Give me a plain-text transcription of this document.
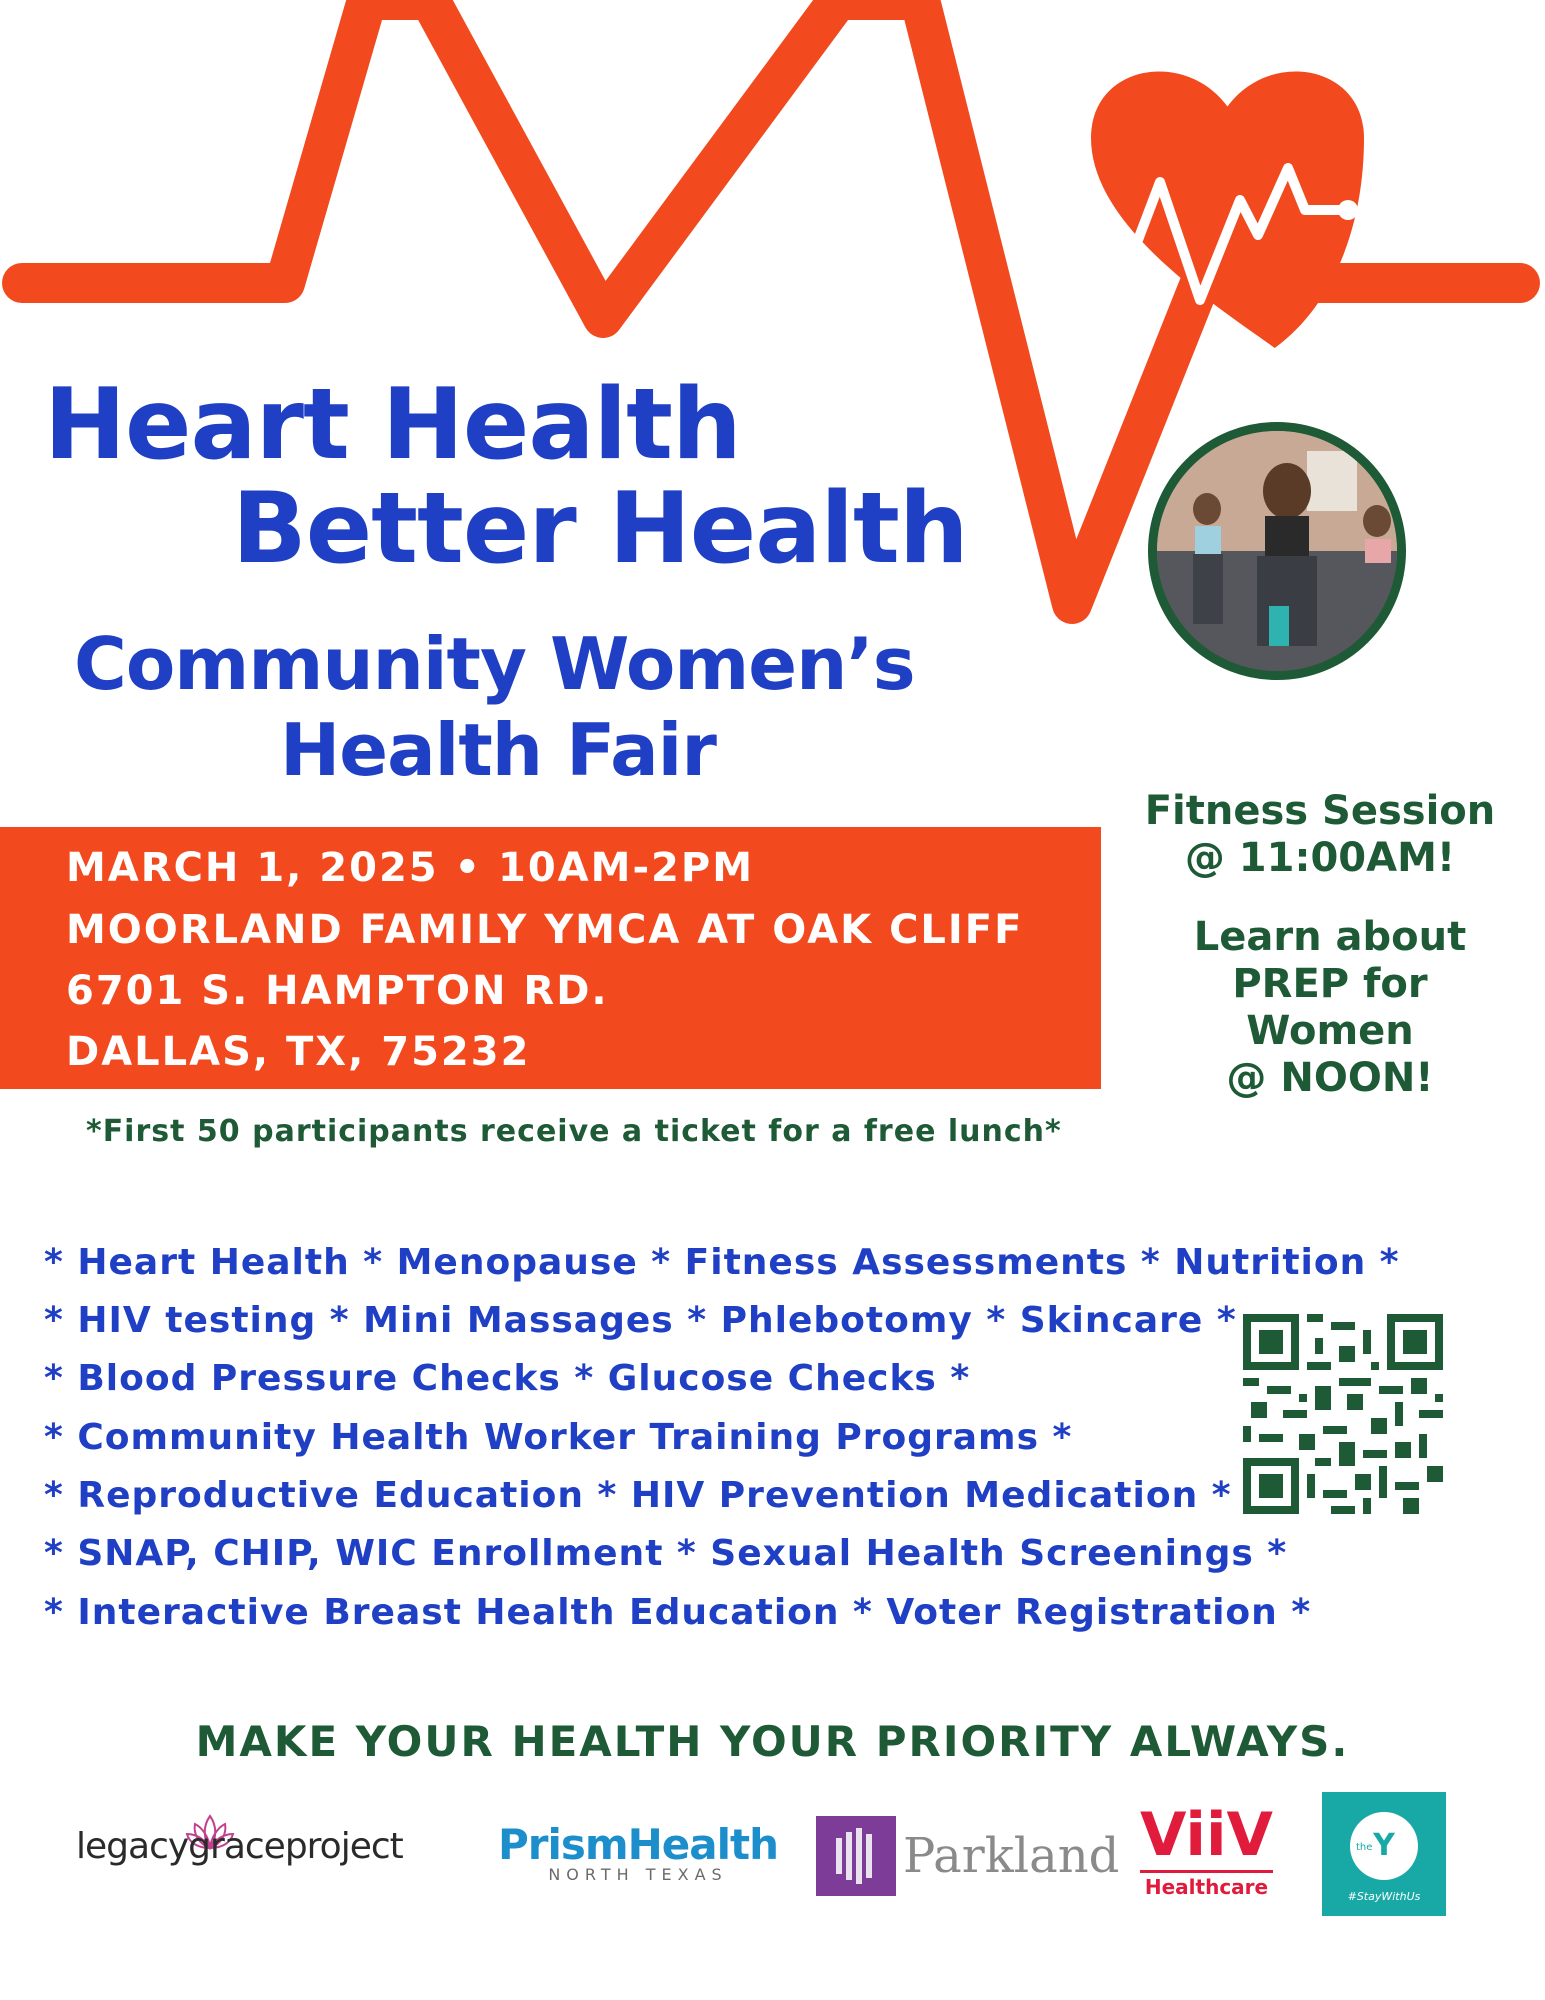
Heart Health
Better Health
Community Women’s
Health Fair
Fitness Session
@ 11:00AM!
Learn about
PREP for
Women
@ NOON!
MARCH 1, 2025 • 10AM-2PM
MOORLAND FAMILY YMCA AT OAK CLIFF
6701 S. HAMPTON RD.
DALLAS, TX, 75232
*First 50 participants receive a ticket for a free lunch*
* Heart Health * Menopause * Fitness Assessments * Nutrition *
* HIV testing * Mini Massages * Phlebotomy * Skincare *
* Blood Pressure Checks * Glucose Checks *
* Community Health Worker Training Programs *
* Reproductive Education * HIV Prevention Medication *
* SNAP, CHIP, WIC Enrollment * Sexual Health Screenings *
* Interactive Breast Health Education * Voter Registration *
MAKE YOUR HEALTH YOUR PRIORITY ALWAYS.
legacygraceproject PrismHealth
NORTH TEXAS	Parkland ViiV
Healthcare
Y
the
#StayWithUs
